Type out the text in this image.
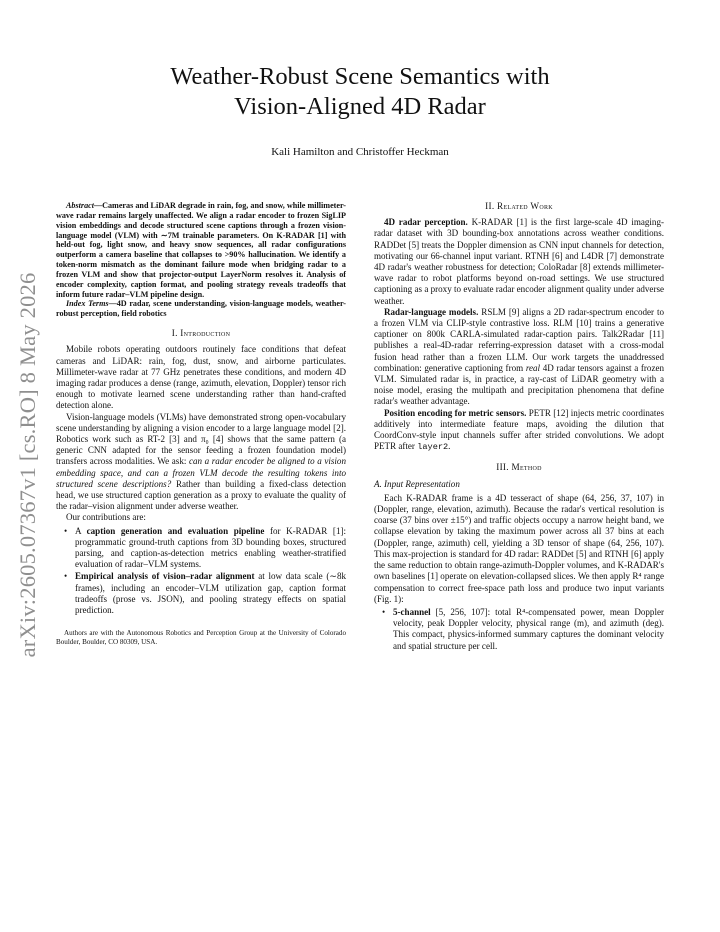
arXiv:2605.07367v1 [cs.RO] 8 May 2026
Weather-Robust Scene Semantics with
Vision-Aligned 4D Radar
Kali Hamilton and Christoffer Heckman

Abstract—Cameras and LiDAR degrade in rain, fog, and snow, while millimeter-wave radar remains largely unaffected. We align a radar encoder to frozen SigLIP vision embeddings and decode structured scene captions through a frozen vision-language model (VLM) with ∼7M trainable parameters. On K-RADAR [1] with held-out fog, light snow, and heavy snow sequences, all radar configurations outperform a camera baseline that collapses to >90% hallucination. We identify a token-norm mismatch as the dominant failure mode when bridging radar to a frozen VLM and show that projector-output LayerNorm resolves it. Analysis of encoder complexity, caption format, and pooling strategy reveals tradeoffs that inform future radar–VLM pipeline design.

Index Terms—4D radar, scene understanding, vision-language models, weather-robust perception, field robotics

I. Introduction

Mobile robots operating outdoors routinely face conditions that defeat cameras and LiDAR: rain, fog, dust, snow, and airborne particulates. Millimeter-wave radar at 77 GHz penetrates these conditions, and modern 4D imaging radar produces a dense (range, azimuth, elevation, Doppler) tensor rich enough to motivate learned scene understanding rather than hand-crafted detection alone.

Vision-language models (VLMs) have demonstrated strong open-vocabulary scene understanding by aligning a vision encoder to a large language model [2]. Robotics work such as RT-2 [3] and π₀ [4] shows that the same pattern (a generic CNN adapted for the sensor feeding a frozen foundation model) transfers across modalities. We ask: can a radar encoder be aligned to a vision embedding space, and can a frozen VLM decode the resulting tokens into structured scene descriptions? Rather than building a fixed-class detection head, we use structured caption generation as a proxy to evaluate the quality of the radar–vision alignment under adverse weather.

Our contributions are:

• A caption generation and evaluation pipeline for K-RADAR [1]: programmatic ground-truth captions from 3D bounding boxes, structured parsing, and caption-as-detection metrics enabling weather-stratified evaluation of radar–VLM systems.
• Empirical analysis of vision–radar alignment at low data scale (∼8k frames), including an encoder–VLM utilization gap, caption format tradeoffs (prose vs. JSON), and pooling strategy effects on spatial prediction.

Authors are with the Autonomous Robotics and Perception Group at the University of Colorado Boulder, Boulder, CO 80309, USA.

II. Related Work

4D radar perception. K-RADAR [1] is the first large-scale 4D imaging-radar dataset with 3D bounding-box annotations across weather conditions. RADDet [5] treats the Doppler dimension as CNN input channels for detection, motivating our 66-channel input variant. RTNH [6] and L4DR [7] demonstrate 4D radar's weather robustness for detection; ColoRadar [8] extends millimeter-wave radar to robot platforms beyond on-road settings. We use structured captioning as a proxy to evaluate radar encoder alignment quality under adverse weather.

Radar-language models. RSLM [9] aligns a 2D radar-spectrum encoder to a frozen VLM via CLIP-style contrastive loss. RLM [10] trains a generative captioner on 800k CARLA-simulated radar-caption pairs. Talk2Radar [11] publishes a real-4D-radar referring-expression dataset with a cross-modal fusion head rather than a frozen LLM. Our work targets the unaddressed combination: generative captioning from real 4D radar tensors against a frozen VLM. Simulated radar is, in practice, a ray-cast of LiDAR geometry with a noise model, erasing the multipath and precipitation phenomena that define radar's weather advantage.

Position encoding for metric sensors. PETR [12] injects metric coordinates additively into intermediate feature maps, avoiding the dilution that CoordConv-style input channels suffer after strided convolutions. We adopt PETR after layer2.

III. Method
A. Input Representation

Each K-RADAR frame is a 4D tesseract of shape (64, 256, 37, 107) in (Doppler, range, elevation, azimuth). Because the radar's vertical resolution is coarse (37 bins over ±15°) and traffic objects occupy a narrow height band, we collapse elevation by taking the maximum power across all 37 bins at each (Doppler, range, azimuth) cell, yielding a 3D tensor of shape (64, 256, 107). This max-projection is standard for 4D radar: RADDet [5] and RTNH [6] apply the same reduction to obtain range-azimuth-Doppler volumes, and K-RADAR's own baselines [1] operate on elevation-collapsed slices. We then apply R⁴ range compensation to correct free-space path loss and produce two input variants (Fig. 1):

• 5-channel [5, 256, 107]: total R⁴-compensated power, mean Doppler velocity, peak Doppler velocity, physical range (m), and azimuth (deg). This compact, physics-informed summary captures the dominant velocity and spatial structure per cell.
